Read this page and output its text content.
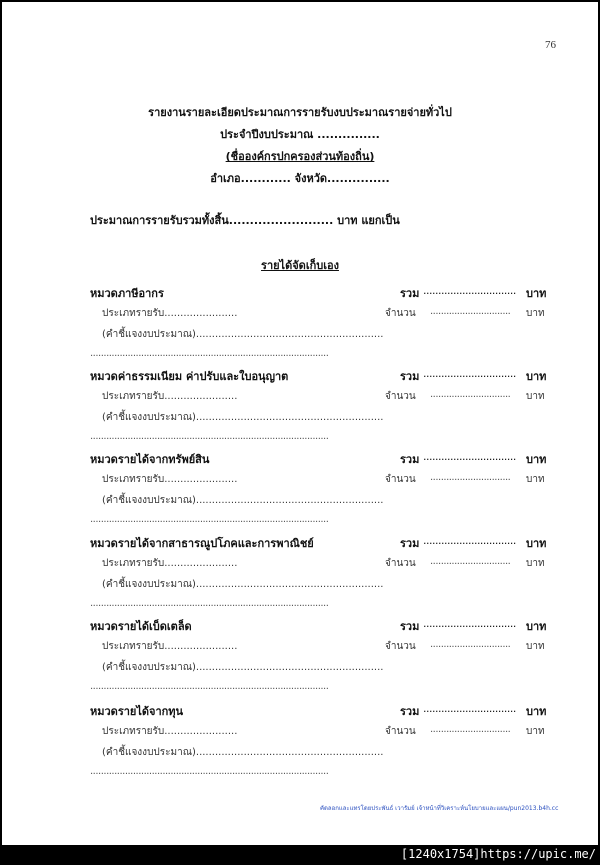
76
รายงานรายละเอียดประมาณการรายรับงบประมาณรายจ่ายทั่วไป
ประจำปีงบประมาณ ...............
(ชื่อองค์กรปกครองส่วนท้องถิ่น)
อำเภอ............ จังหวัด...............
ประมาณการรายรับรวมทั้งสิ้น......................... บาท แยกเป็น
รายได้จัดเก็บเอง
หมวดภาษีอากร	รวม ............................... บาท
ประเภทรายรับ.......................	จำนวน .............................. บาท
(คำชี้แจงงบประมาณ)...........................................................
.........................................................................................
หมวดค่าธรรมเนียม ค่าปรับและใบอนุญาต	รวม ............................... บาท
ประเภทรายรับ.......................	จำนวน .............................. บาท
(คำชี้แจงงบประมาณ)...........................................................
.........................................................................................
หมวดรายได้จากทรัพย์สิน	รวม ............................... บาท
ประเภทรายรับ.......................	จำนวน .............................. บาท
(คำชี้แจงงบประมาณ)...........................................................
.........................................................................................
หมวดรายได้จากสาธารณูปโภคและการพาณิชย์	รวม ............................... บาท
ประเภทรายรับ.......................	จำนวน .............................. บาท
(คำชี้แจงงบประมาณ)...........................................................
.........................................................................................
หมวดรายได้เบ็ดเตล็ด	รวม ............................... บาท
ประเภทรายรับ.......................	จำนวน .............................. บาท
(คำชี้แจงงบประมาณ)...........................................................
.........................................................................................
หมวดรายได้จากทุน	รวม ............................... บาท
ประเภทรายรับ.......................	จำนวน .............................. บาท
(คำชี้แจงงบประมาณ)...........................................................
.........................................................................................
คัดลอกและแทรโดยประพันธ์ เวารัมย์ เจ้าหน้าที่วิเคราะห์นโยบายและแผน/pun2013.b4h.cc
[1240x1754]https://upic.me/
